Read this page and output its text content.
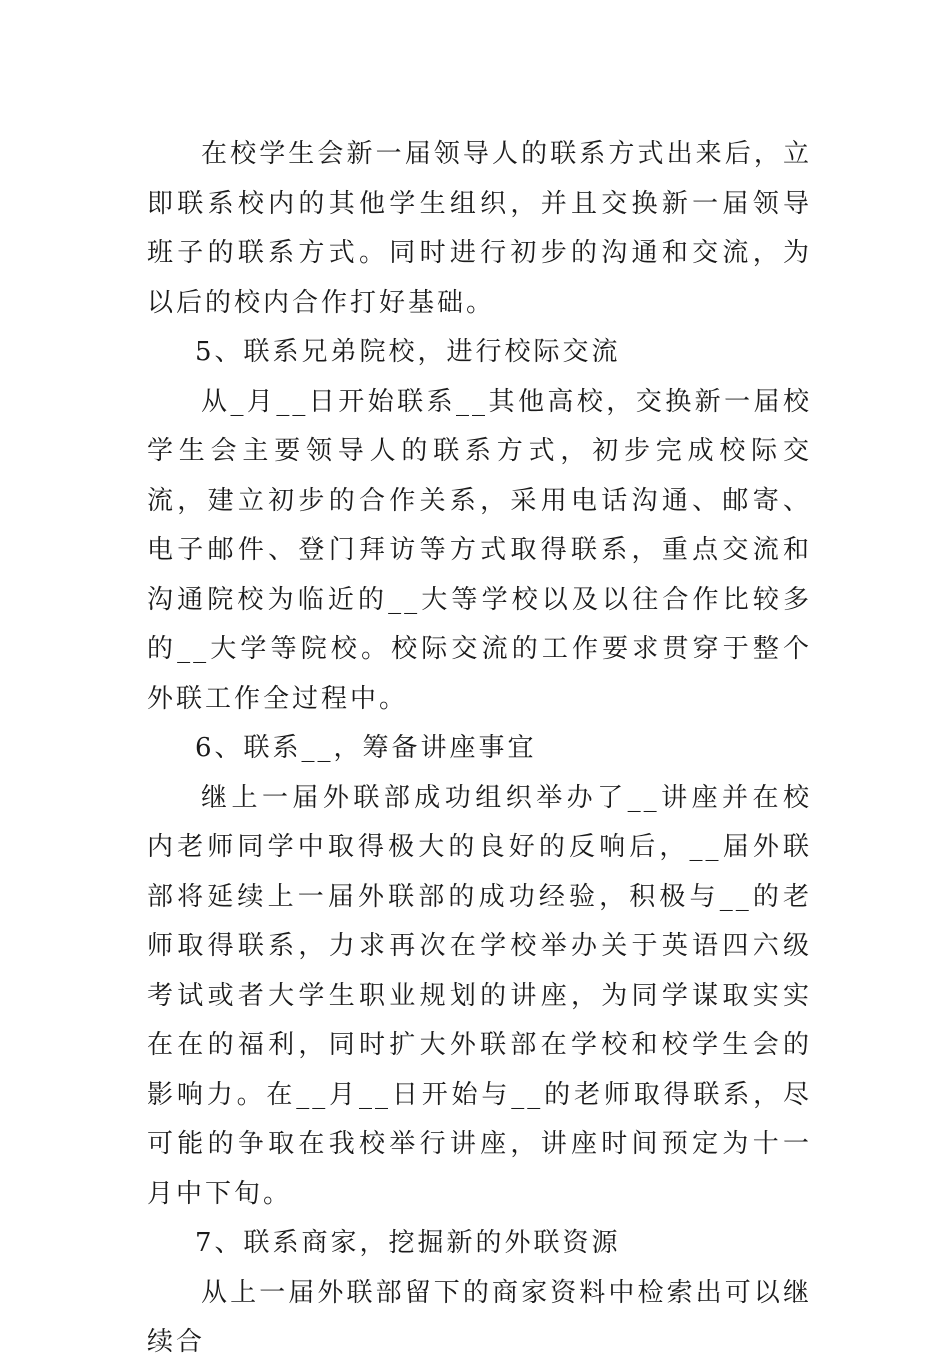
在校学生会新一届领导人的联系方式出来后，立即联系校内的其他学生组织，并且交换新一届领导班子的联系方式。同时进行初步的沟通和交流，为以后的校内合作打好基础。

5、联系兄弟院校，进行校际交流

从_月__日开始联系__其他高校，交换新一届校学生会主要领导人的联系方式，初步完成校际交流，建立初步的合作关系，采用电话沟通、邮寄、电子邮件、登门拜访等方式取得联系，重点交流和沟通院校为临近的__大等学校以及以往合作比较多的__大学等院校。校际交流的工作要求贯穿于整个外联工作全过程中。

6、联系__，筹备讲座事宜

继上一届外联部成功组织举办了__讲座并在校内老师同学中取得极大的良好的反响后，__届外联部将延续上一届外联部的成功经验，积极与__的老师取得联系，力求再次在学校举办关于英语四六级考试或者大学生职业规划的讲座，为同学谋取实实在在的福利，同时扩大外联部在学校和校学生会的影响力。在__月__日开始与__的老师取得联系，尽可能的争取在我校举行讲座，讲座时间预定为十一月中下旬。

7、联系商家，挖掘新的外联资源

从上一届外联部留下的商家资料中检索出可以继续合
